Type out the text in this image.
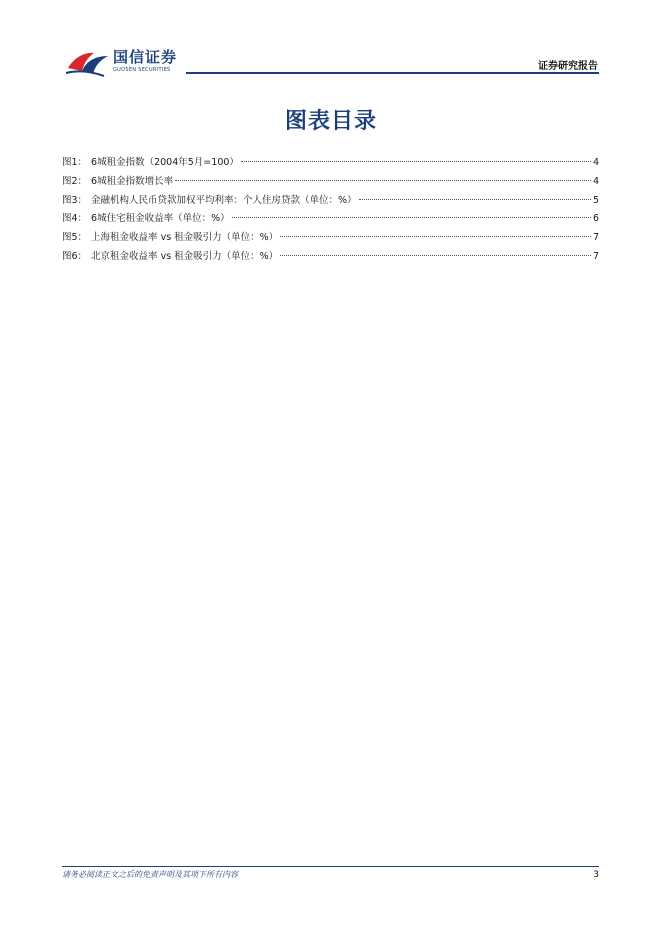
国信证券
GUOSEN SECURITIES	证券研究报告
图表目录
图1： 6城租金指数（2004年5月=100）	4
图2： 6城租金指数增长率	4
图3： 金融机构人民币贷款加权平均利率：个人住房贷款（单位：%）	5
图4： 6城住宅租金收益率（单位：%）	6
图5： 上海租金收益率 vs 租金吸引力（单位：%）	7
图6： 北京租金收益率 vs 租金吸引力（单位：%）	7
请务必阅读正文之后的免责声明及其项下所有内容	3
